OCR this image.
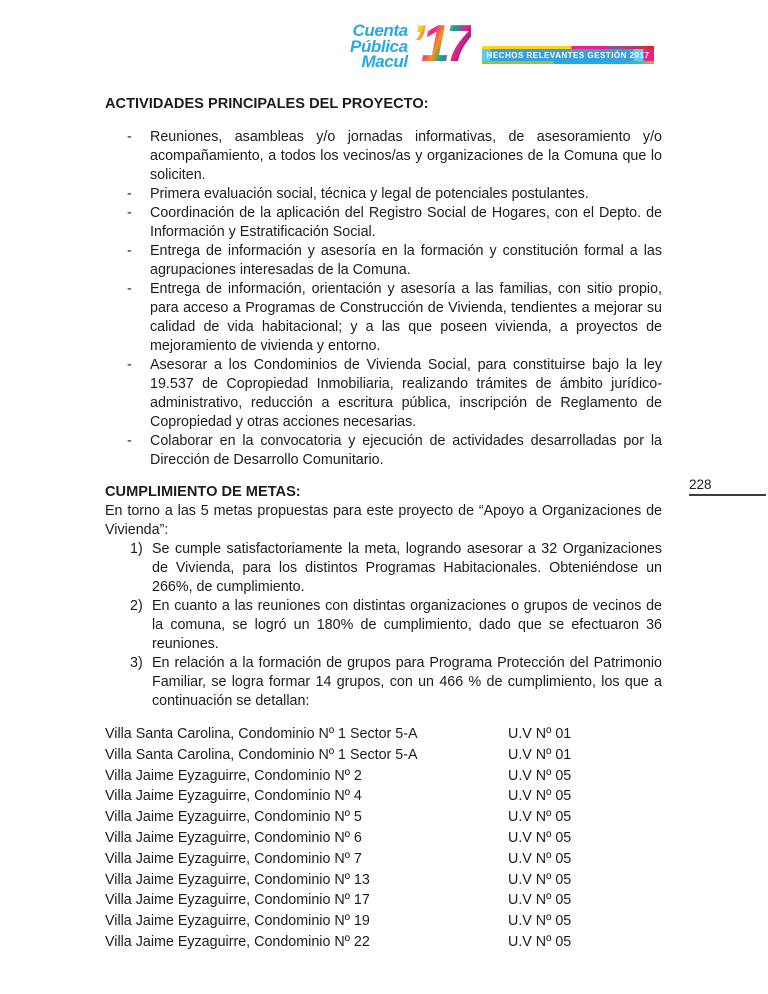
Cuenta
Pública
Macul ’17 HECHOS RELEVANTES GESTIÓN 2017
228
ACTIVIDADES PRINCIPALES DEL PROYECTO:
-	Reuniones, asambleas y/o jornadas informativas, de asesoramiento y/o acompañamiento, a todos los vecinos/as y organizaciones de la Comuna que lo soliciten.
-	Primera evaluación social, técnica y legal de potenciales postulantes.
-	Coordinación de la aplicación del Registro Social de Hogares, con el Depto. de Información y Estratificación Social.
-	Entrega de información y asesoría en la formación y constitución formal a las agrupaciones interesadas de la Comuna.
-	Entrega de información, orientación y asesoría a las familias, con sitio propio, para acceso a Programas de Construcción de Vivienda, tendientes a mejorar su calidad de vida habitacional; y a las que poseen vivienda, a proyectos de mejoramiento de vivienda y entorno.
-	Asesorar a los Condominios de Vivienda Social, para constituirse bajo la ley 19.537 de Copropiedad Inmobiliaria, realizando trámites de ámbito jurídico- administrativo, reducción a escritura pública, inscripción de Reglamento de Copropiedad y otras acciones necesarias.
-	Colaborar en la convocatoria y ejecución de actividades desarrolladas por la Dirección de Desarrollo Comunitario.
CUMPLIMIENTO DE METAS:
En torno a las 5 metas propuestas para este proyecto de “Apoyo a Organizaciones de Vivienda”:
1) Se cumple satisfactoriamente la meta, logrando asesorar a 32 Organizaciones de Vivienda, para los distintos Programas Habitacionales. Obteniéndose un 266%, de cumplimiento.
2) En cuanto a las reuniones con distintas organizaciones o grupos de vecinos de la comuna, se logró un 180% de cumplimiento, dado que se efectuaron 36 reuniones.
3) En relación a la formación de grupos para Programa Protección del Patrimonio Familiar, se logra formar 14 grupos, con un 466 % de cumplimiento, los que a continuación se detallan:
Villa Santa Carolina, Condominio Nº 1 Sector 5-A	U.V Nº 01
Villa Santa Carolina, Condominio Nº 1 Sector 5-A	U.V Nº 01
Villa Jaime Eyzaguirre, Condominio Nº 2	U.V Nº 05
Villa Jaime Eyzaguirre, Condominio Nº 4	U.V Nº 05
Villa Jaime Eyzaguirre, Condominio Nº 5	U.V Nº 05
Villa Jaime Eyzaguirre, Condominio Nº 6	U.V Nº 05
Villa Jaime Eyzaguirre, Condominio Nº 7	U.V Nº 05
Villa Jaime Eyzaguirre, Condominio Nº 13	U.V Nº 05
Villa Jaime Eyzaguirre, Condominio Nº 17	U.V Nº 05
Villa Jaime Eyzaguirre, Condominio Nº 19	U.V Nº 05
Villa Jaime Eyzaguirre, Condominio Nº 22	U.V Nº 05
